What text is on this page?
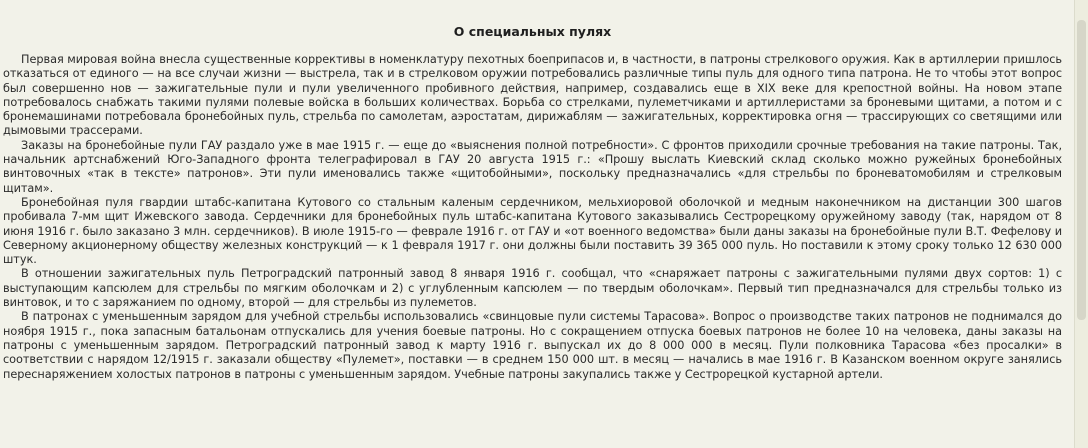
О специальных пулях

Первая мировая война внесла существенные коррективы в номенклатуру пехотных боеприпасов и, в частности, в патроны стрелкового оружия. Как в артиллерии пришлось отказаться от единого — на все случаи жизни — выстрела, так и в стрелковом оружии потребовались различные типы пуль для одного типа патрона. Не то чтобы этот вопрос был совершенно нов — зажигательные пули и пули увеличенного пробивного действия, например, создавались еще в XIX веке для крепостной войны. На новом этапе потребовалось снабжать такими пулями полевые войска в больших количествах. Борьба со стрелками, пулеметчиками и артиллеристами за броневыми щитами, а потом и с бронемашинами потребовала бронебойных пуль, стрельба по самолетам, аэростатам, дирижаблям — зажигательных, корректировка огня — трассирующих со светящими или дымовыми трассерами.

Заказы на бронебойные пули ГАУ раздало уже в мае 1915 г. — еще до «выяснения полной потребности». С фронтов приходили срочные требования на такие патроны. Так, начальник артснабжений Юго-Западного фронта телеграфировал в ГАУ 20 августа 1915 г.: «Прошу выслать Киевский склад сколько можно ружейных бронебойных винтовочных «так в тексте» патронов». Эти пули именовались также «щитобойными», поскольку предназначались «для стрельбы по броневатомобилям и стрелковым щитам».

Бронебойная пуля гвардии штабс-капитана Кутового со стальным каленым сердечником, мельхиоровой оболочкой и медным наконечником на дистанции 300 шагов пробивала 7-мм щит Ижевского завода. Сердечники для бронебойных пуль штабс-капитана Кутового заказывались Сестрорецкому оружейному заводу (так, нарядом от 8 июня 1916 г. было заказано 3 млн. сердечников). В июле 1915-го — феврале 1916 г. от ГАУ и «от военного ведомства» были даны заказы на бронебойные пули В.Т. Фефелову и Северному акционерному обществу железных конструкций — к 1 февраля 1917 г. они должны были поставить 39 365 000 пуль. Но поставили к этому сроку только 12 630 000 штук.

В отношении зажигательных пуль Петроградский патронный завод 8 января 1916 г. сообщал, что «снаряжает патроны с зажигательными пулями двух сортов: 1) с выступающим капсюлем для стрельбы по мягким оболочкам и 2) с углубленным капсюлем — по твердым оболочкам». Первый тип предназначался для стрельбы только из винтовок, и то с заряжанием по одному, второй — для стрельбы из пулеметов.

В патронах с уменьшенным зарядом для учебной стрельбы использовались «свинцовые пули системы Тарасова». Вопрос о производстве таких патронов не поднимался до ноября 1915 г., пока запасным батальонам отпускались для учения боевые патроны. Но с сокращением отпуска боевых патронов не более 10 на человека, даны заказы на патроны с уменьшенным зарядом. Петроградский патронный завод к марту 1916 г. выпускал их до 8 000 000 в месяц. Пули полковника Тарасова «без просалки» в соответствии с нарядом 12/1915 г. заказали обществу «Пулемет», поставки — в среднем 150 000 шт. в месяц — начались в мае 1916 г. В Казанском военном округе занялись переснаряжением холостых патронов в патроны с уменьшенным зарядом. Учебные патроны закупались также у Сестрорецкой кустарной артели.
